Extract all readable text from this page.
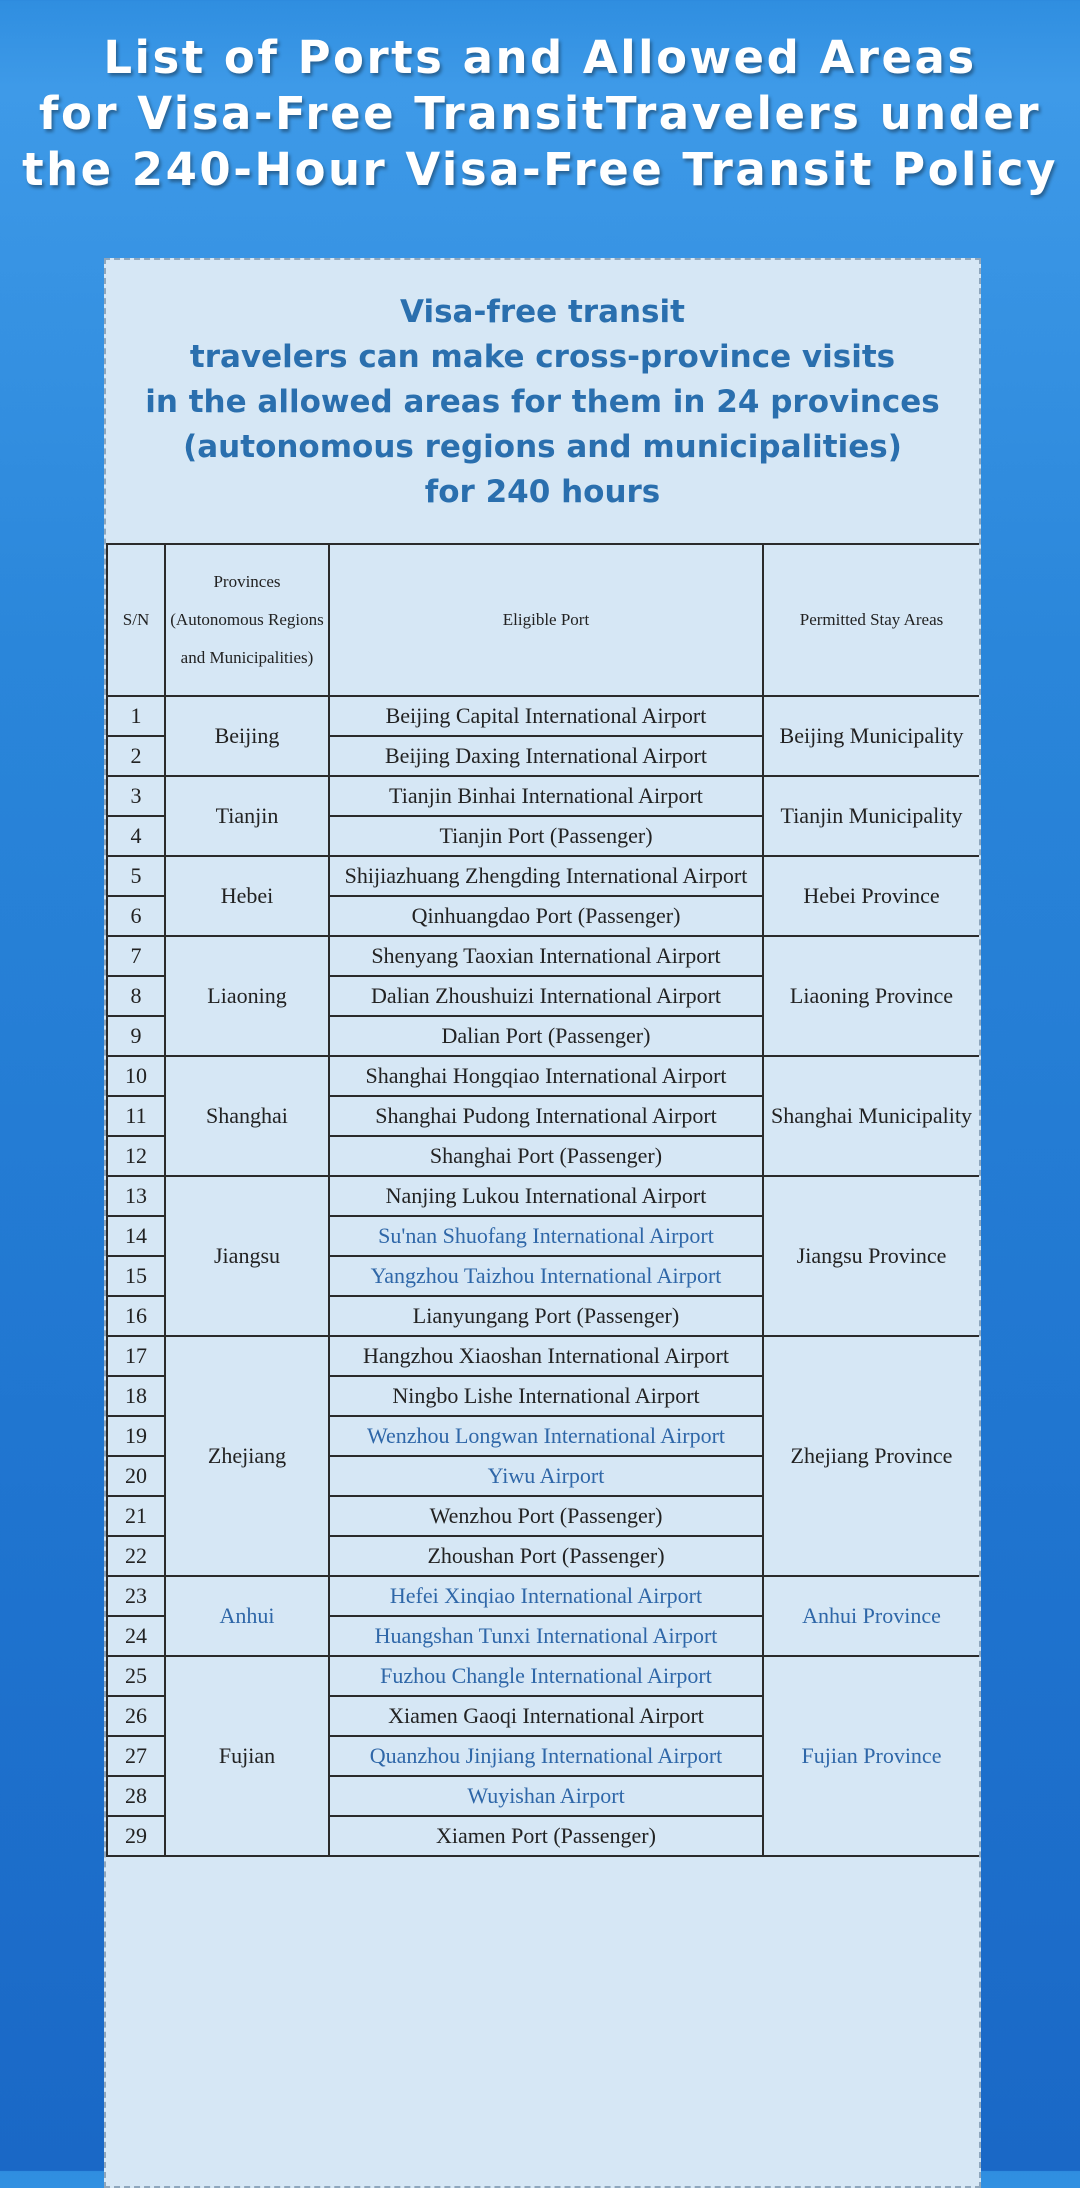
List of Ports and Allowed Areas
for Visa-Free TransitTravelers under
the 240-Hour Visa-Free Transit Policy
Visa-free transit
travelers can make cross-province visits
in the allowed areas for them in 24 provinces
(autonomous regions and municipalities)
for 240 hours
S/N	Provinces (Autonomous Regions and Municipalities)	Eligible Port	Permitted Stay Areas
1	Beijing	Beijing Capital International Airport	Beijing Municipality
2		Beijing Daxing International Airport	
3	Tianjin	Tianjin Binhai International Airport	Tianjin Municipality
4		Tianjin Port (Passenger)	
5	Hebei	Shijiazhuang Zhengding International Airport	Hebei Province
6		Qinhuangdao Port (Passenger)	
7	Liaoning	Shenyang Taoxian International Airport	Liaoning Province
8		Dalian Zhoushuizi International Airport	
9		Dalian Port (Passenger)	
10	Shanghai	Shanghai Hongqiao International Airport	Shanghai Municipality
11		Shanghai Pudong International Airport	
12		Shanghai Port (Passenger)	
13	Jiangsu	Nanjing Lukou International Airport	Jiangsu Province
14		Su'nan Shuofang International Airport	
15		Yangzhou Taizhou International Airport	
16		Lianyungang Port (Passenger)	
17	Zhejiang	Hangzhou Xiaoshan International Airport	Zhejiang Province
18		Ningbo Lishe International Airport	
19		Wenzhou Longwan International Airport	
20		Yiwu Airport	
21		Wenzhou Port (Passenger)	
22		Zhoushan Port (Passenger)	
23	Anhui	Hefei Xinqiao International Airport	Anhui Province
24		Huangshan Tunxi International Airport	
25	Fujian	Fuzhou Changle International Airport	Fujian Province
26		Xiamen Gaoqi International Airport	
27		Quanzhou Jinjiang International Airport	
28		Wuyishan Airport	
29		Xiamen Port (Passenger)	
